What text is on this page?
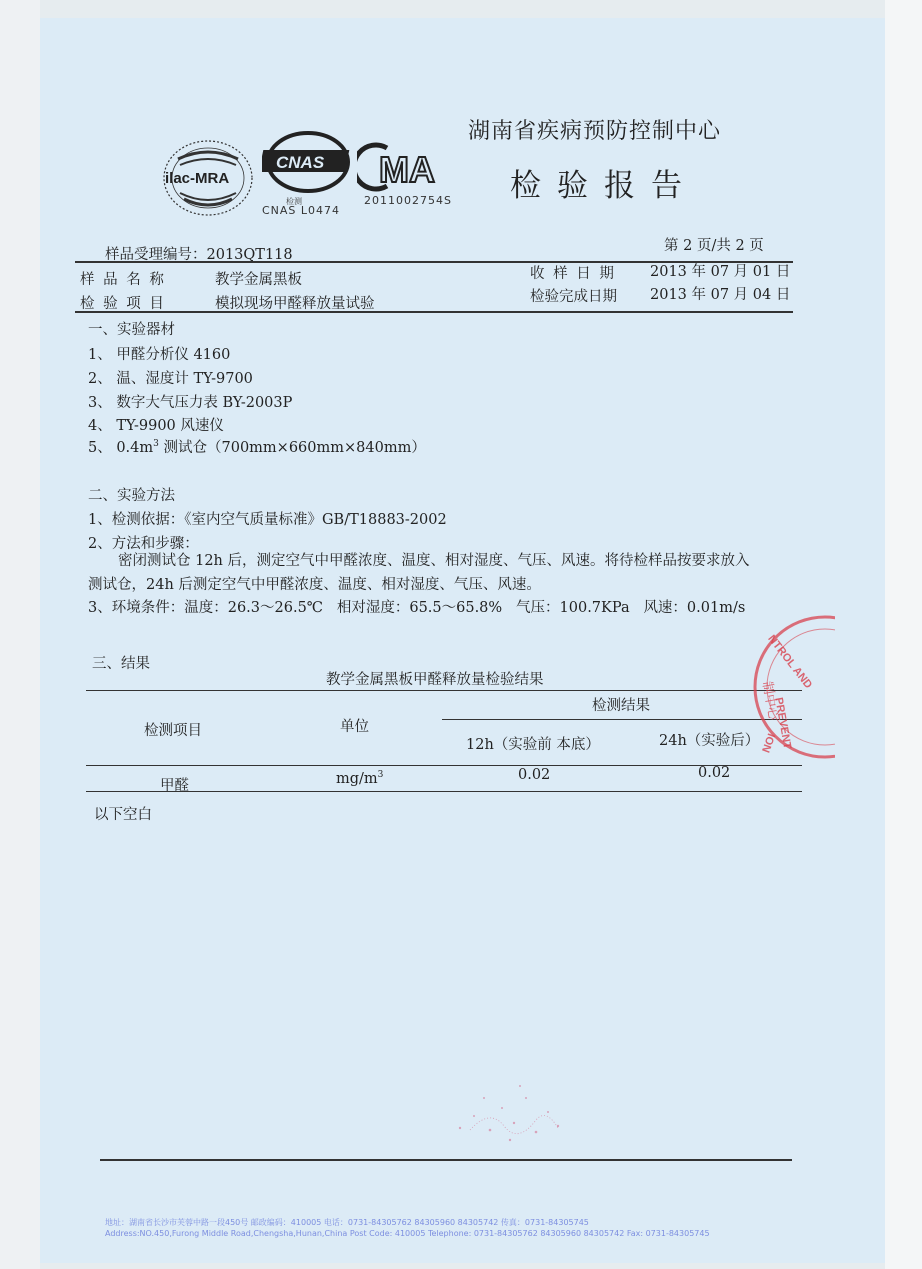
ilac-MRA
CNAS
检测
CNAS L0474
MA
2011002754S
湖南省疾病预防控制中心
检验报告
样品受理编号：2013QT118
第 2 页/共 2 页
样 品 名 称	教学金属黑板	收 样 日 期 2013 年 07 月 01 日
检 验 项 目	模拟现场甲醛释放量试验	检验完成日期 2013 年 07 月 04 日
一、实验器材
1、 甲醛分析仪 4160
2、 温、湿度计 TY-9700
3、 数字大气压力表 BY-2003P
4、 TY-9900 风速仪
5、 $0.4m^3$ 测试仓（700mm×660mm×840mm）
二、实验方法
1、检测依据：《室内空气质量标准》GB/T18883-2002
2、方法和步骤：
密闭测试仓 12h 后，测定空气中甲醛浓度、温度、相对湿度、气压、风速。将待检样品按要求放入
测试仓，24h 后测定空气中甲醛浓度、温度、相对湿度、气压、风速。
3、环境条件：温度：26.3～26.5℃   相对湿度：65.5～65.8%   气压：100.7KPa   风速：0.01m/s
三、结果
教学金属黑板甲醛释放量检验结果
检测项目	单位
检测结果
12h（实验前 本底）	24h（实验后）
甲醛	$mg/m^3$	0.02	0.02
以下空白
NTROL AND
PREVENT
ION
制中心
地址：湖南省长沙市芙蓉中路一段450号 邮政编码：410005 电话：0731-84305762 84305960 84305742 传真：0731-84305745
Address:NO.450,Furong Middle Road,Chengsha,Hunan,China Post Code: 410005 Telephone: 0731-84305762 84305960 84305742 Fax: 0731-84305745
